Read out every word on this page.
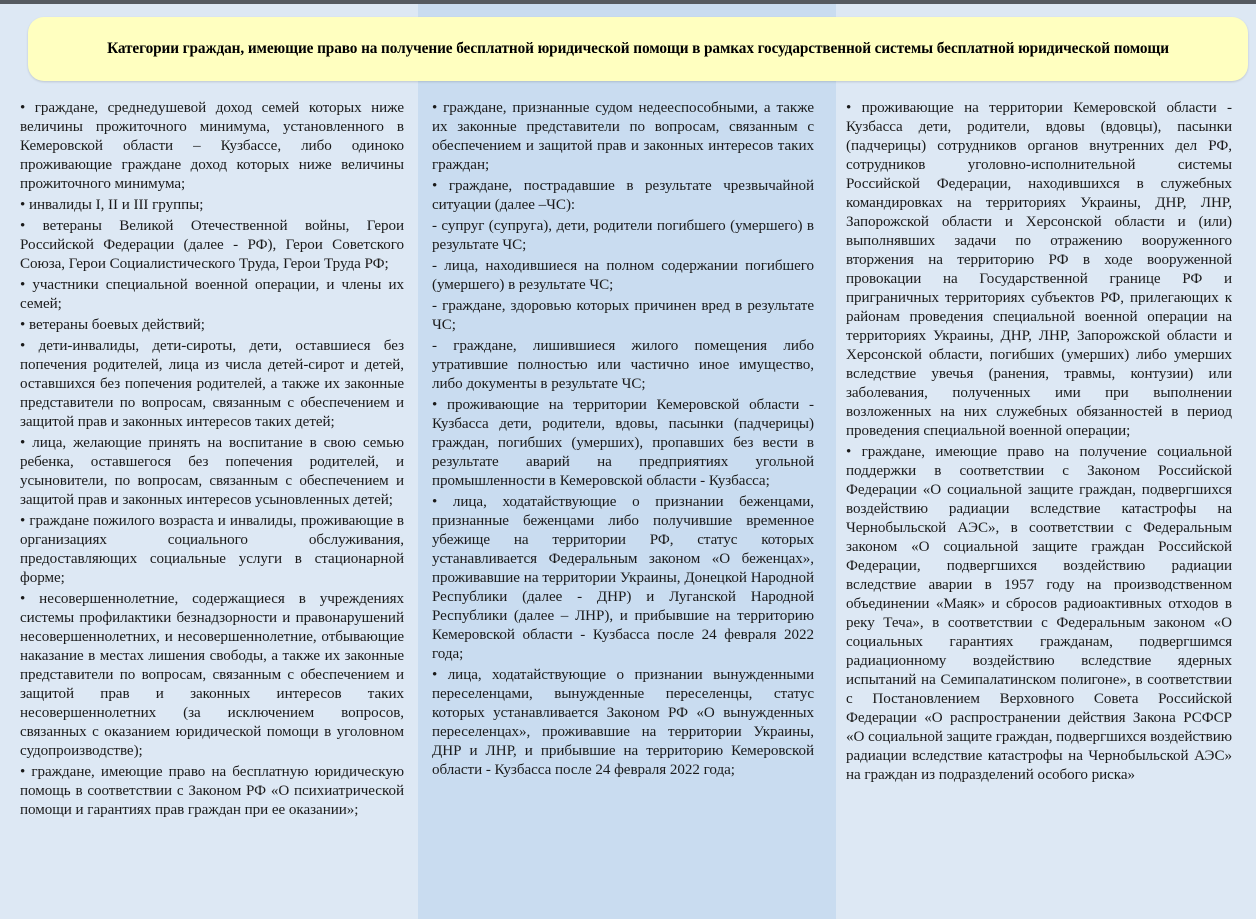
Категории граждан, имеющие право на получение бесплатной юридической помощи в рамках государственной системы бесплатной юридической помощи

• граждане, среднедушевой доход семей которых ниже величины прожиточного минимума, установленного в Кемеровской области – Кузбассе, либо одиноко проживающие граждане доход которых ниже величины прожиточного минимума;

• инвалиды I, II и III группы;

• ветераны Великой Отечественной войны, Герои Российской Федерации (далее - РФ), Герои Советского Союза, Герои Социалистического Труда, Герои Труда РФ;

• участники специальной военной операции, и члены их семей;

• ветераны боевых действий;

• дети-инвалиды, дети-сироты, дети, оставшиеся без попечения родителей, лица из числа детей-сирот и детей, оставшихся без попечения родителей, а также их законные представители по вопросам, связанным с обеспечением и защитой прав и законных интересов таких детей;

• лица, желающие принять на воспитание в свою семью ребенка, оставшегося без попечения родителей, и усыновители, по вопросам, связанным с обеспечением и защитой прав и законных интересов усыновленных детей;

• граждане пожилого возраста и инвалиды, проживающие в организациях социального обслуживания, предоставляющих социальные услуги в стационарной форме;

• несовершеннолетние, содержащиеся в учреждениях системы профилактики безнадзорности и правонарушений несовершеннолетних, и несовершеннолетние, отбывающие наказание в местах лишения свободы, а также их законные представители по вопросам, связанным с обеспечением и защитой прав и законных интересов таких несовершеннолетних (за исключением вопросов, связанных с оказанием юридической помощи в уголовном судопроизводстве);

• граждане, имеющие право на бесплатную юридическую помощь в соответствии с Законом РФ «О психиатрической помощи и гарантиях прав граждан при ее оказании»;

• граждане, признанные судом недееспособными, а также их законные представители по вопросам, связанным с обеспечением и защитой прав и законных интересов таких граждан;

• граждане, пострадавшие в результате чрезвычайной ситуации (далее –ЧС):

- супруг (супруга), дети, родители погибшего (умершего) в результате ЧС;

- лица, находившиеся на полном содержании погибшего (умершего) в результате ЧС;

- граждане, здоровью которых причинен вред в результате ЧС;

- граждане, лишившиеся жилого помещения либо утратившие полностью или частично иное имущество, либо документы в результате ЧС;

• проживающие на территории Кемеровской области - Кузбасса дети, родители, вдовы, пасынки (падчерицы) граждан, погибших (умерших), пропавших без вести в результате аварий на предприятиях угольной промышленности в Кемеровской области - Кузбасса;

• лица, ходатайствующие о признании беженцами, признанные беженцами либо получившие временное убежище на территории РФ, статус которых устанавливается Федеральным законом «О беженцах», проживавшие на территории Украины, Донецкой Народной Республики (далее - ДНР) и Луганской Народной Республики (далее – ЛНР), и прибывшие на территорию Кемеровской области - Кузбасса после 24 февраля 2022 года;

• лица, ходатайствующие о признании вынужденными переселенцами, вынужденные переселенцы, статус которых устанавливается Законом РФ «О вынужденных переселенцах», проживавшие на территории Украины, ДНР и ЛНР, и прибывшие на территорию Кемеровской области - Кузбасса после 24 февраля 2022 года;

• проживающие на территории Кемеровской области - Кузбасса дети, родители, вдовы (вдовцы), пасынки (падчерицы) сотрудников органов внутренних дел РФ, сотрудников уголовно-исполнительной системы Российской Федерации, находившихся в служебных командировках на территориях Украины, ДНР, ЛНР, Запорожской области и Херсонской области и (или) выполнявших задачи по отражению вооруженного вторжения на территорию РФ в ходе вооруженной провокации на Государственной границе РФ и приграничных территориях субъектов РФ, прилегающих к районам проведения специальной военной операции на территориях Украины, ДНР, ЛНР, Запорожской области и Херсонской области, погибших (умерших) либо умерших вследствие увечья (ранения, травмы, контузии) или заболевания, полученных ими при выполнении возложенных на них служебных обязанностей в период проведения специальной военной операции;

• граждане, имеющие право на получение социальной поддержки в соответствии с Законом Российской Федерации «О социальной защите граждан, подвергшихся воздействию радиации вследствие катастрофы на Чернобыльской АЭС», в соответствии с Федеральным законом «О социальной защите граждан Российской Федерации, подвергшихся воздействию радиации вследствие аварии в 1957 году на производственном объединении «Маяк» и сбросов радиоактивных отходов в реку Теча», в соответствии с Федеральным законом «О социальных гарантиях гражданам, подвергшимся радиационному воздействию вследствие ядерных испытаний на Семипалатинском полигоне», в соответствии с Постановлением Верховного Совета Российской Федерации «О распространении действия Закона РСФСР «О социальной защите граждан, подвергшихся воздействию радиации вследствие катастрофы на Чернобыльской АЭС» на граждан из подразделений особого риска»
